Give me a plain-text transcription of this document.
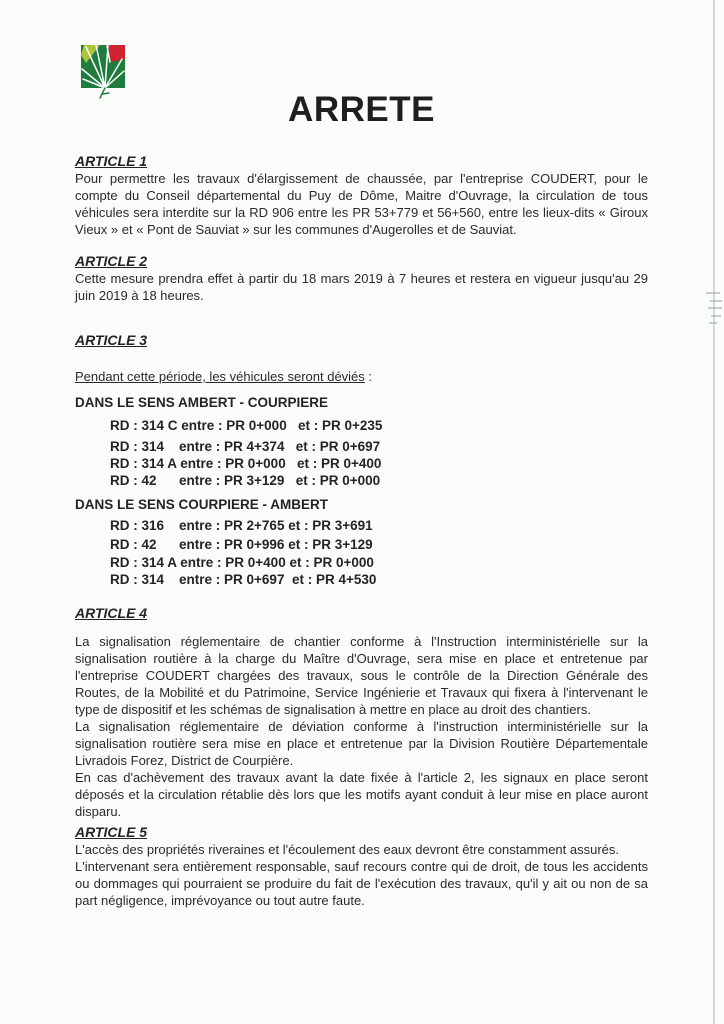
ARRETE
ARTICLE 1

Pour permettre les travaux d'élargissement de chaussée, par l'entreprise COUDERT, pour le compte du Conseil départemental du Puy de Dôme, Maitre d'Ouvrage, la circulation de tous véhicules sera interdite sur la RD 906 entre les PR 53+779 et 56+560, entre les lieux-dits « Giroux Vieux » et « Pont de Sauviat » sur les communes d'Augerolles et de Sauviat.

ARTICLE 2

Cette mesure prendra effet à partir du 18 mars 2019 à 7 heures et restera en vigueur jusqu'au 29 juin 2019 à 18 heures.

ARTICLE 3

Pendant cette période, les véhicules seront déviés :

DANS LE SENS AMBERT - COURPIERE
RD : 314 C entre : PR 0+000   et : PR 0+235
RD : 314    entre : PR 4+374   et : PR 0+697
RD : 314 A entre : PR 0+000   et : PR 0+400
RD : 42      entre : PR 3+129   et : PR 0+000
DANS LE SENS COURPIERE - AMBERT
RD : 316    entre : PR 2+765 et : PR 3+691
RD : 42      entre : PR 0+996 et : PR 3+129
RD : 314 A entre : PR 0+400 et : PR 0+000
RD : 314    entre : PR 0+697  et : PR 4+530
ARTICLE 4

La signalisation réglementaire de chantier conforme à l'Instruction interministérielle sur la signalisation routière à la charge du Maître d'Ouvrage, sera mise en place et entretenue par l'entreprise COUDERT chargées des travaux, sous le contrôle de la Direction Générale des Routes, de la Mobilité et du Patrimoine, Service Ingénierie et Travaux qui fixera à l'intervenant le type de dispositif et les schémas de signalisation à mettre en place au droit des chantiers.

La signalisation réglementaire de déviation conforme à l'instruction interministérielle sur la signalisation routière sera mise en place et entretenue par la Division Routière Départementale Livradois Forez, District de Courpière.

En cas d'achèvement des travaux avant la date fixée à l'article 2, les signaux en place seront déposés et la circulation rétablie dès lors que les motifs ayant conduit à leur mise en place auront disparu.

ARTICLE 5

L'accès des propriétés riveraines et l'écoulement des eaux devront être constamment assurés.

L'intervenant sera entièrement responsable, sauf recours contre qui de droit, de tous les accidents ou dommages qui pourraient se produire du fait de l'exécution des travaux, qu'il y ait ou non de sa part négligence, imprévoyance ou tout autre faute.
